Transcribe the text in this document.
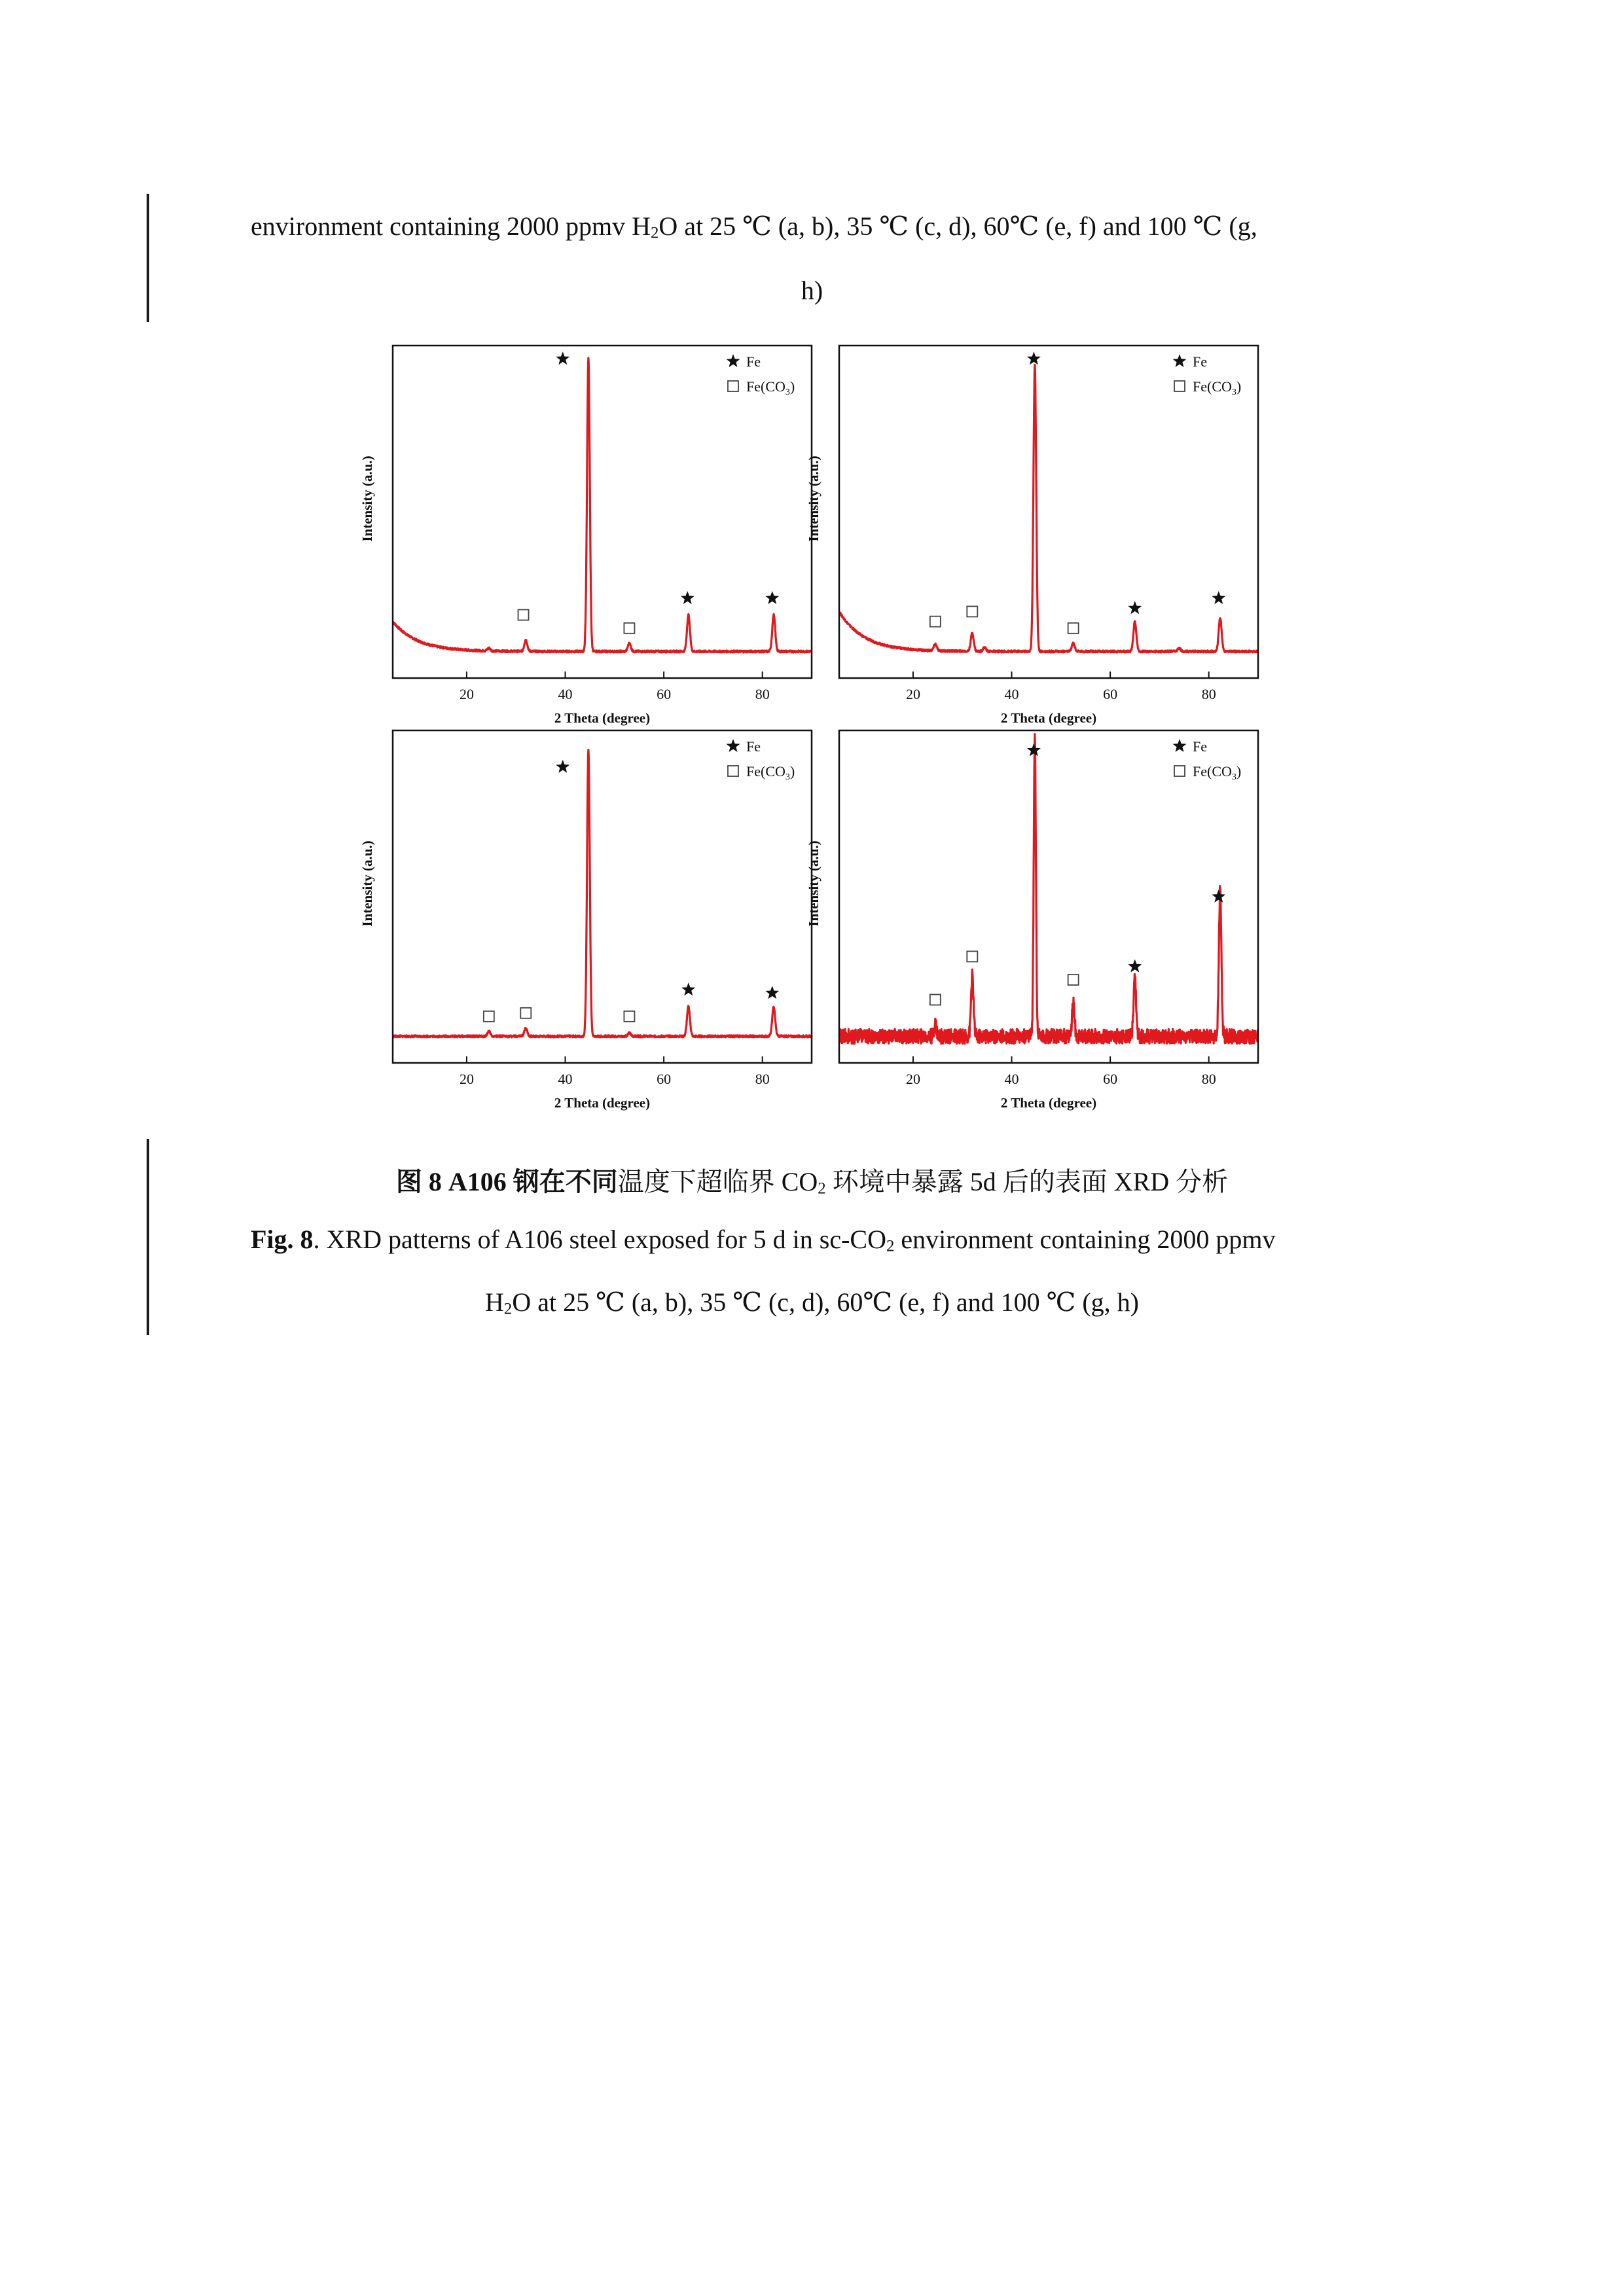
environment containing 2000 ppmv $H_2O$ at 25 ℃ (a, b), 35 ℃ (c, d), 60℃ (e, f) and 100 ℃ (g,
h)
20	40	60	80
2 Theta (degree)
Intensity (a.u.)
Fe
$Fe(CO_3)$
20	40	60	80
2 Theta (degree)
Intensity (a.u.)
Fe
$Fe(CO_3)$
20	40	60	80
2 Theta (degree)
Intensity (a.u.)
Fe
$Fe(CO_3)$
20	40	60	80
2 Theta (degree)
Intensity (a.u.)
Fe
$Fe(CO_3)$
图 8 A106 钢在不同温度下超临界 $CO_2$ 环境中暴露 5d 后的表面 XRD 分析
Fig. 8. XRD patterns of A106 steel exposed for 5 d in $sc-CO_2$ environment containing 2000 ppmv
$H_2O$ at 25 ℃ (a, b), 35 ℃ (c, d), 60℃ (e, f) and 100 ℃ (g, h)
